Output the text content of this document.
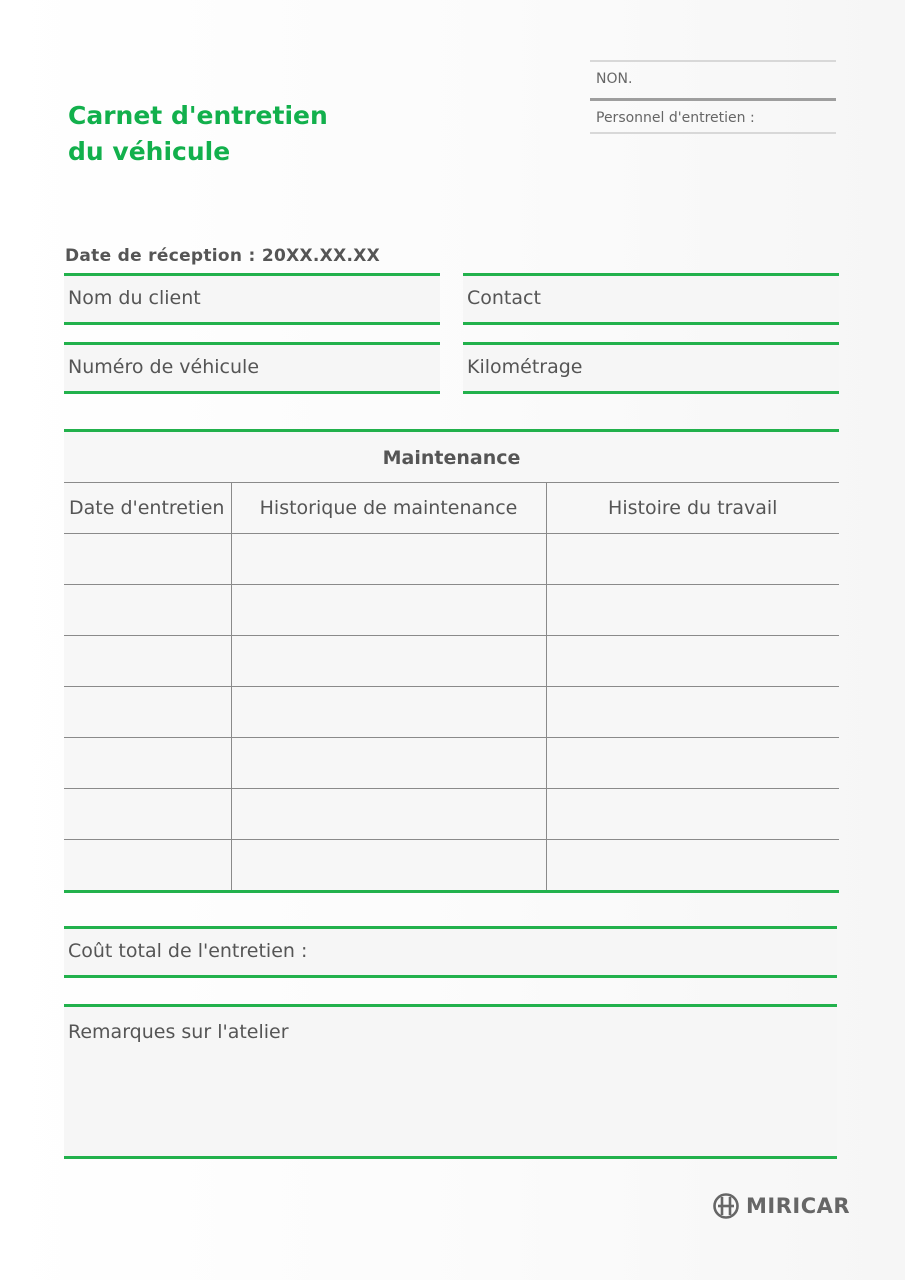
Carnet d'entretien
du véhicule
NON.
Personnel d'entretien :
Date de réception : 20XX.XX.XX
Nom du client	Contact
Numéro de véhicule	Kilométrage
Maintenance
Date d'entretien	Historique de maintenance	Histoire du travail

Coût total de l'entretien :
Remarques sur l'atelier
MIRICAR
